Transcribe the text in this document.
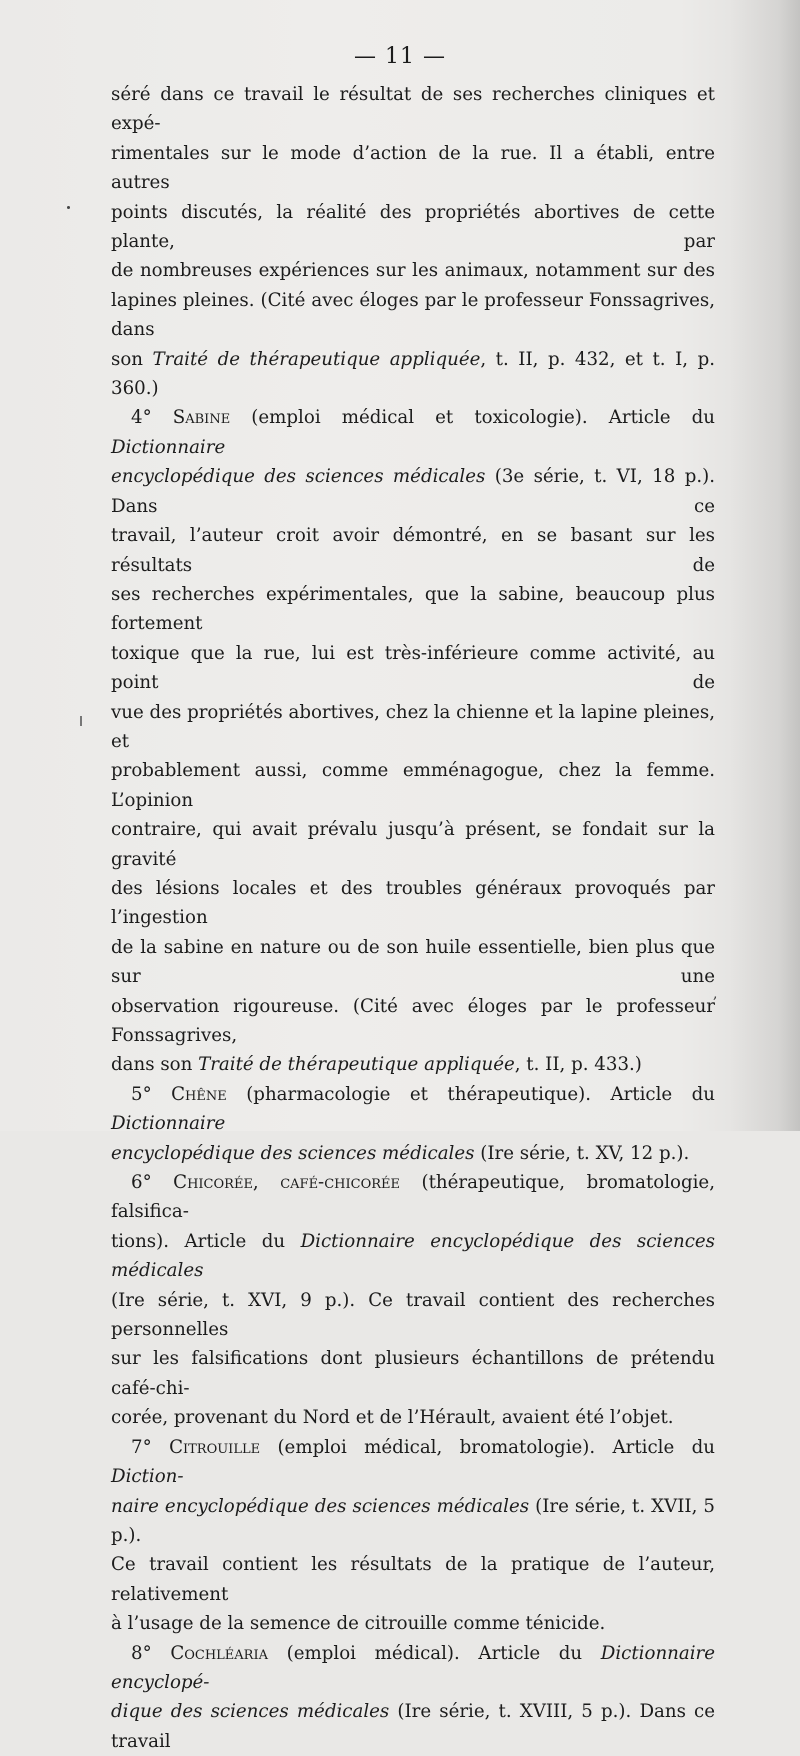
— 11 —

séré dans ce travail le résultat de ses recherches cliniques et expé-

rimentales sur le mode d’action de la rue. Il a établi, entre autres

points discutés, la réalité des propriétés abortives de cette plante, par

de nombreuses expériences sur les animaux, notamment sur des

lapines pleines. (Cité avec éloges par le professeur Fonssagrives, dans

son Traité de thérapeutique appliquée, t. II, p. 432, et t. I, p. 360.)

4° Sabine (emploi médical et toxicologie). Article du Dictionnaire

encyclopédique des sciences médicales (3e série, t. VI, 18 p.). Dans ce

travail, l’auteur croit avoir démontré, en se basant sur les résultats de

ses recherches expérimentales, que la sabine, beaucoup plus fortement

toxique que la rue, lui est très-inférieure comme activité, au point de

vue des propriétés abortives, chez la chienne et la lapine pleines, et

probablement aussi, comme emménagogue, chez la femme. L’opinion

contraire, qui avait prévalu jusqu’à présent, se fondait sur la gravité

des lésions locales et des troubles généraux provoqués par l’ingestion

de la sabine en nature ou de son huile essentielle, bien plus que sur une

observation rigoureuse. (Cité avec éloges par le professeur Fonssagrives,

dans son Traité de thérapeutique appliquée, t. II, p. 433.)

5° Chêne (pharmacologie et thérapeutique). Article du Dictionnaire

encyclopédique des sciences médicales (Ire série, t. XV, 12 p.).

6° Chicorée, café-chicorée (thérapeutique, bromatologie, falsifica-

tions). Article du Dictionnaire encyclopédique des sciences médicales

(Ire série, t. XVI, 9 p.). Ce travail contient des recherches personnelles

sur les falsifications dont plusieurs échantillons de prétendu café-chi-

corée, provenant du Nord et de l’Hérault, avaient été l’objet.

7° Citrouille (emploi médical, bromatologie). Article du Diction-

naire encyclopédique des sciences médicales (Ire série, t. XVII, 5 p.).

Ce travail contient les résultats de la pratique de l’auteur, relativement

à l’usage de la semence de citrouille comme ténicide.

8° Cochléaria (emploi médical). Article du Dictionnaire encyclopé-

dique des sciences médicales (Ire série, t. XVIII, 5 p.). Dans ce travail

,
